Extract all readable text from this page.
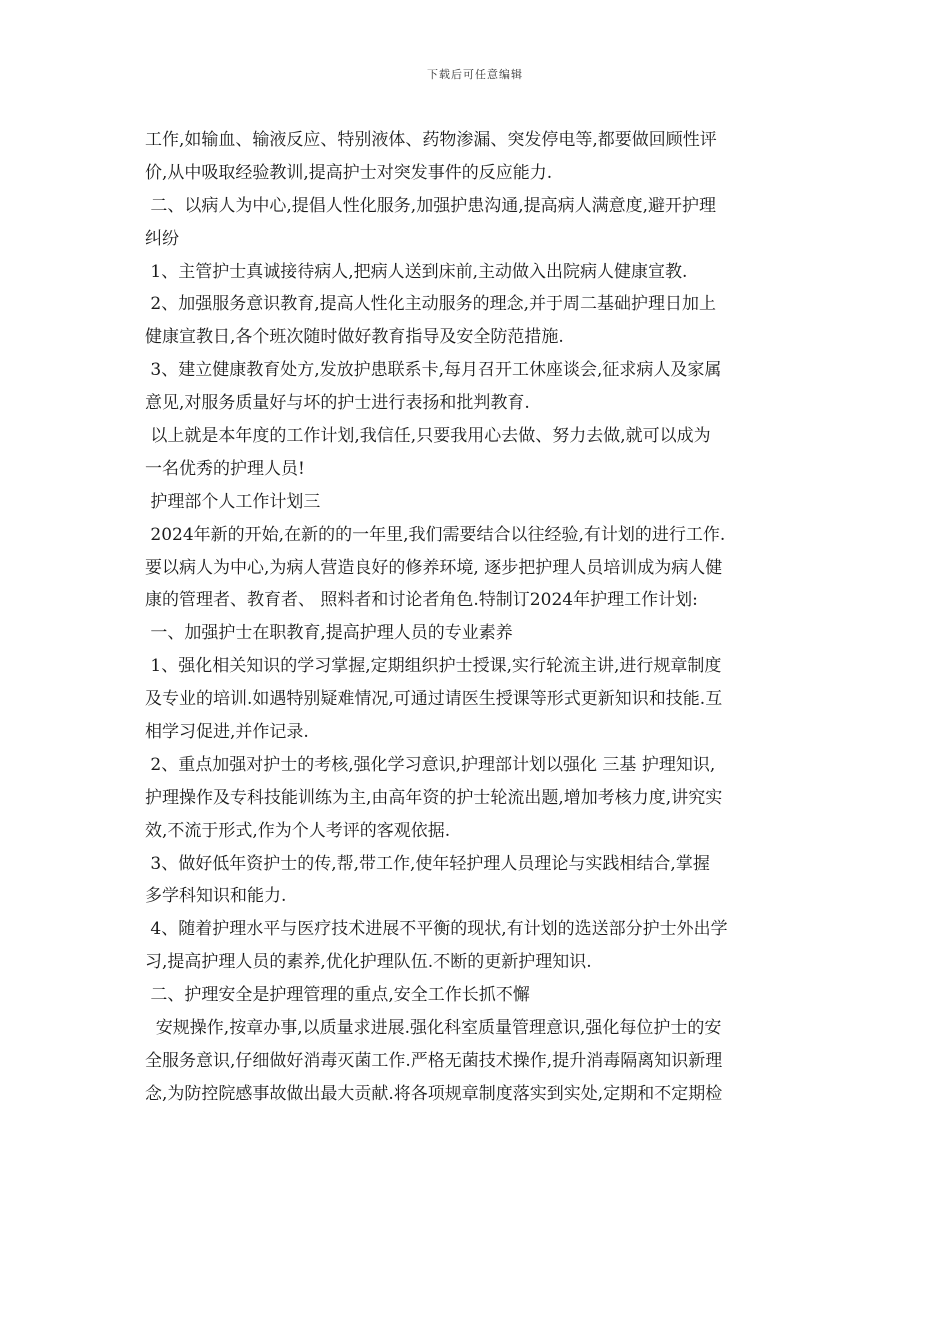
下载后可任意编辑
工作,如输血、输液反应、特别液体、药物渗漏、突发停电等,都要做回顾性评
价,从中吸取经验教训,提高护士对突发事件的反应能力.
二、以病人为中心,提倡人性化服务,加强护患沟通,提高病人满意度,避开护理
纠纷
1、主管护士真诚接待病人,把病人送到床前,主动做入出院病人健康宣教.
2、加强服务意识教育,提高人性化主动服务的理念,并于周二基础护理日加上
健康宣教日,各个班次随时做好教育指导及安全防范措施.
3、建立健康教育处方,发放护患联系卡,每月召开工休座谈会,征求病人及家属
意见,对服务质量好与坏的护士进行表扬和批判教育.
以上就是本年度的工作计划,我信任,只要我用心去做、努力去做,就可以成为
一名优秀的护理人员!
护理部个人工作计划三
2024年新的开始,在新的的一年里,我们需要结合以往经验,有计划的进行工作.
要以病人为中心,为病人营造良好的修养环境, 逐步把护理人员培训成为病人健
康的管理者、教育者、 照料者和讨论者角色.特制订2024年护理工作计划:
一、加强护士在职教育,提高护理人员的专业素养
1、强化相关知识的学习掌握,定期组织护士授课,实行轮流主讲,进行规章制度
及专业的培训.如遇特别疑难情况,可通过请医生授课等形式更新知识和技能.互
相学习促进,并作记录.
2、重点加强对护士的考核,强化学习意识,护理部计划以强化 三基 护理知识,
护理操作及专科技能训练为主,由高年资的护士轮流出题,增加考核力度,讲究实
效,不流于形式,作为个人考评的客观依据.
3、做好低年资护士的传,帮,带工作,使年轻护理人员理论与实践相结合,掌握
多学科知识和能力.
4、随着护理水平与医疗技术进展不平衡的现状,有计划的选送部分护士外出学
习,提高护理人员的素养,优化护理队伍.不断的更新护理知识.
二、护理安全是护理管理的重点,安全工作长抓不懈
安规操作,按章办事,以质量求进展.强化科室质量管理意识,强化每位护士的安
全服务意识,仔细做好消毒灭菌工作.严格无菌技术操作,提升消毒隔离知识新理
念,为防控院感事故做出最大贡献.将各项规章制度落实到实处,定期和不定期检
